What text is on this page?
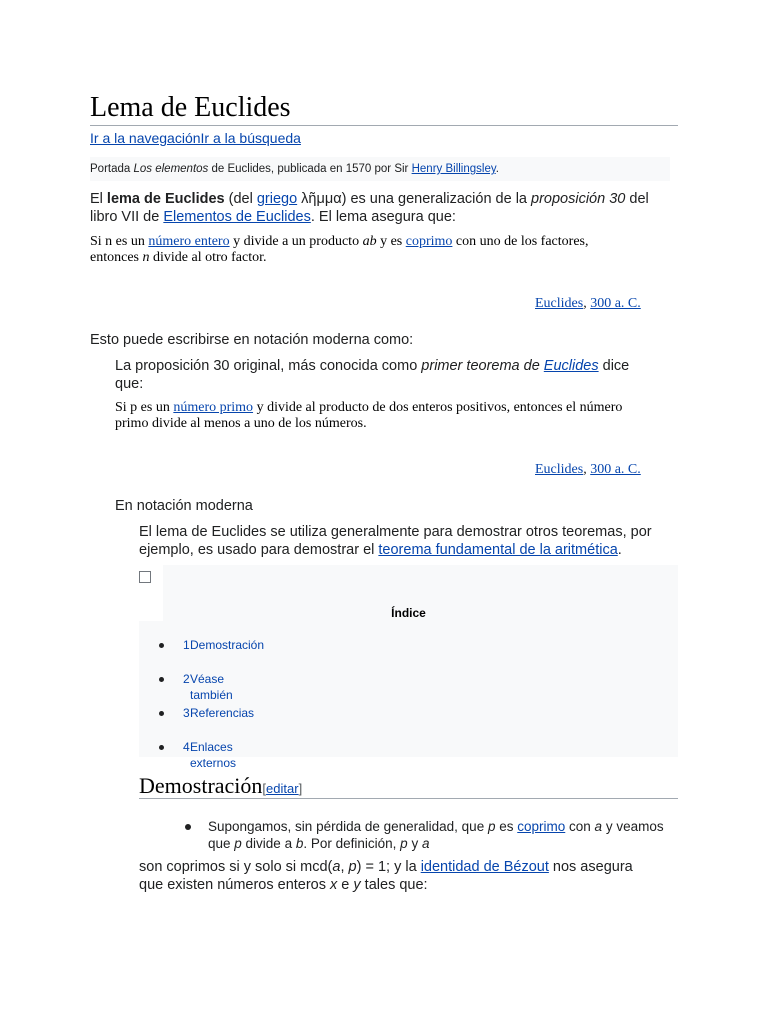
Lema de Euclides
Ir a la navegaciónIr a la búsqueda
Portada Los elementos de Euclides, publicada en 1570 por Sir Henry Billingsley.
El lema de Euclides (del griego λῆμμα) es una generalización de la proposición 30 del
libro VII de Elementos de Euclides. El lema asegura que:
Si n es un número entero y divide a un producto ab y es coprimo con uno de los factores,
entonces n divide al otro factor.
Euclides, 300 a. C.
Esto puede escribirse en notación moderna como:
La proposición 30 original, más conocida como primer teorema de Euclides dice
que:
Si p es un número primo y divide al producto de dos enteros positivos, entonces el número
primo divide al menos a uno de los números.
Euclides, 300 a. C.
En notación moderna
El lema de Euclides se utiliza generalmente para demostrar otros teoremas, por
ejemplo, es usado para demostrar el teorema fundamental de la aritmética.
Índice
1 Demostración
2 Véase también
3 Referencias
4 Enlaces externos
Demostración[editar]
Supongamos, sin pérdida de generalidad, que p es coprimo con a y veamos
que p divide a b. Por definición, p y a
son coprimos si y solo si mcd(a, p) = 1; y la identidad de Bézout nos asegura
que existen números enteros x e y tales que:
